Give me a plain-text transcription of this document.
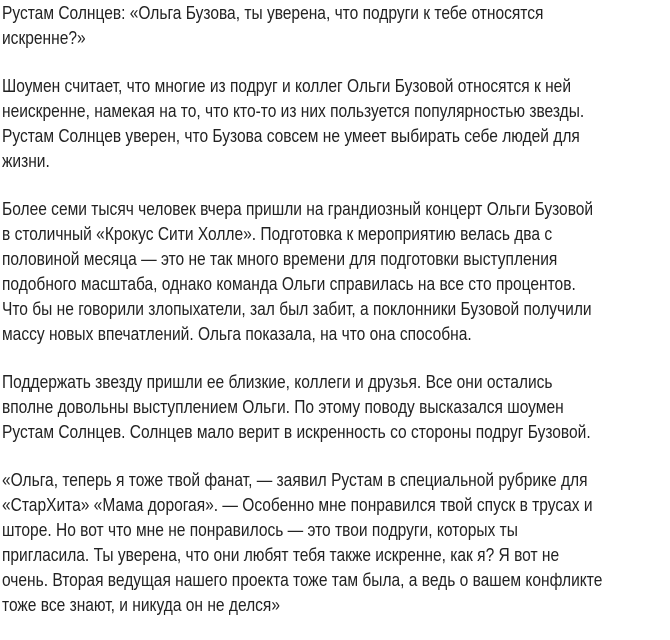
Рустам Солнцев: «Ольга Бузова, ты уверена, что подруги к тебе относятся
искренне?»
Шоумен считает, что многие из подруг и коллег Ольги Бузовой относятся к ней
неискренне, намекая на то, что кто-то из них пользуется популярностью звезды.
Рустам Солнцев уверен, что Бузова совсем не умеет выбирать себе людей для
жизни.
Более семи тысяч человек вчера пришли на грандиозный концерт Ольги Бузовой
в столичный «Крокус Сити Холле». Подготовка к мероприятию велась два с
половиной месяца — это не так много времени для подготовки выступления
подобного масштаба, однако команда Ольги справилась на все сто процентов.
Что бы не говорили злопыхатели, зал был забит, а поклонники Бузовой получили
массу новых впечатлений. Ольга показала, на что она способна.
Поддержать звезду пришли ее близкие, коллеги и друзья. Все они остались
вполне довольны выступлением Ольги. По этому поводу высказался шоумен
Рустам Солнцев. Солнцев мало верит в искренность со стороны подруг Бузовой.
«Ольга, теперь я тоже твой фанат, — заявил Рустам в специальной рубрике для
«СтарХита» «Мама дорогая». — Особенно мне понравился твой спуск в трусах и
шторе. Но вот что мне не понравилось — это твои подруги, которых ты
пригласила. Ты уверена, что они любят тебя также искренне, как я? Я вот не
очень. Вторая ведущая нашего проекта тоже там была, а ведь о вашем конфликте
тоже все знают, и никуда он не делся»
